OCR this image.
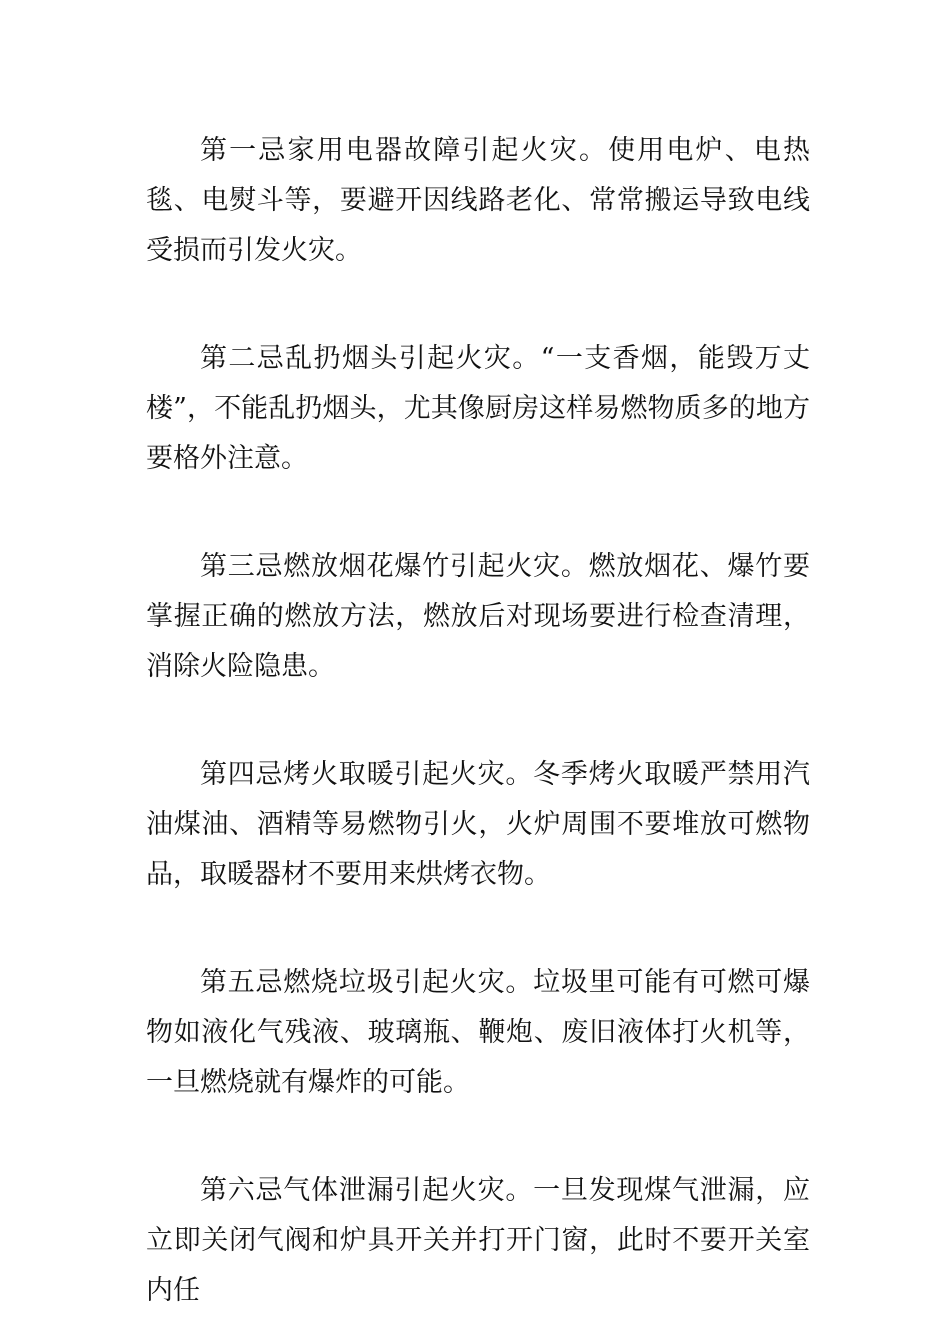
第一忌家用电器故障引起火灾。使用电炉、电热毯、电熨斗等，要避开因线路老化、常常搬运导致电线受损而引发火灾。

第二忌乱扔烟头引起火灾。“一支香烟，能毁万丈楼”，不能乱扔烟头，尤其像厨房这样易燃物质多的地方要格外注意。

第三忌燃放烟花爆竹引起火灾。燃放烟花、爆竹要掌握正确的燃放方法，燃放后对现场要进行检查清理，消除火险隐患。

第四忌烤火取暖引起火灾。冬季烤火取暖严禁用汽油煤油、酒精等易燃物引火，火炉周围不要堆放可燃物品，取暖器材不要用来烘烤衣物。

第五忌燃烧垃圾引起火灾。垃圾里可能有可燃可爆物如液化气残液、玻璃瓶、鞭炮、废旧液体打火机等，一旦燃烧就有爆炸的可能。

第六忌气体泄漏引起火灾。一旦发现煤气泄漏，应立即关闭气阀和炉具开关并打开门窗，此时不要开关室内任
